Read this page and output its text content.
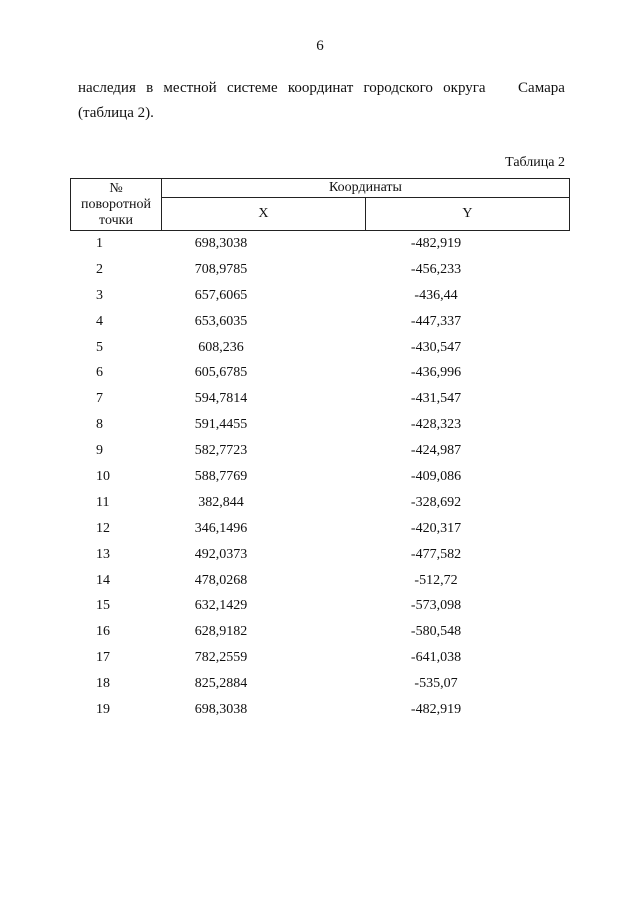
6
наследия в местной системе координат городского округа Самара
(таблица 2).
Таблица 2
№
поворотной
точки	Координаты	
	X	Y
1	698,3038	-482,919
2	708,9785	-456,233
3	657,6065	-436,44
4	653,6035	-447,337
5	608,236	-430,547
6	605,6785	-436,996
7	594,7814	-431,547
8	591,4455	-428,323
9	582,7723	-424,987
10	588,7769	-409,086
11	382,844	-328,692
12	346,1496	-420,317
13	492,0373	-477,582
14	478,0268	-512,72
15	632,1429	-573,098
16	628,9182	-580,548
17	782,2559	-641,038
18	825,2884	-535,07
19	698,3038	-482,919
